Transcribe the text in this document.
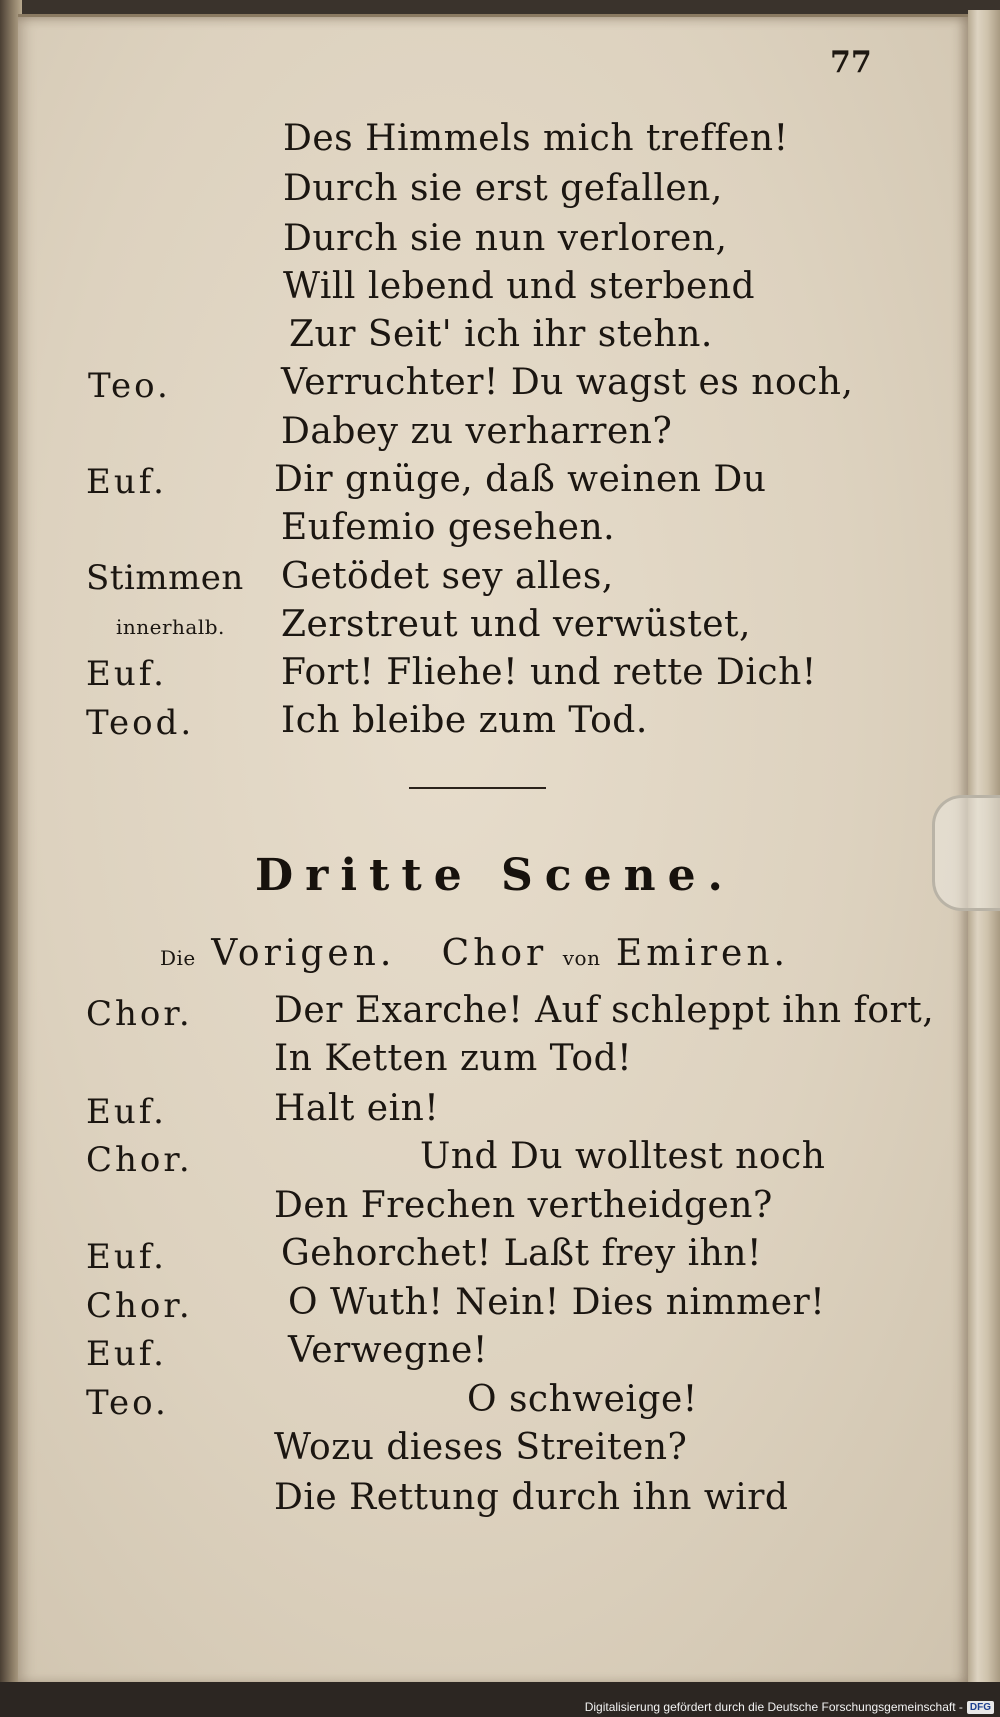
77
Des Himmels mich treffen!
Durch sie erst gefallen,
Durch sie nun verloren,
Will lebend und sterbend
Zur Seit' ich ihr stehn.
Verruchter! Du wagst es noch,
Dabey zu verharren?
Dir gnüge, daß weinen Du
Eufemio gesehen.
Getödet sey alles,
Zerstreut und verwüstet,
Fort! Fliehe! und rette Dich!
Ich bleibe zum Tod.
Teo.
Euf.
Stimmen
innerhalb.
Euf.
Teod.
Dritte Scene.
Die Vorigen. Chor von Emiren.
Der Exarche! Auf schleppt ihn fort,
In Ketten zum Tod!
Halt ein!
Und Du wolltest noch
Den Frechen vertheidgen?
Gehorchet! Laßt frey ihn!
O Wuth! Nein! Dies nimmer!
Verwegne!
O schweige!
Wozu dieses Streiten?
Die Rettung durch ihn wird
Chor.
Euf.
Chor.
Euf.
Chor.
Euf.
Teo.
Digitalisierung gefördert durch die Deutsche Forschungsgemeinschaft - DFG
